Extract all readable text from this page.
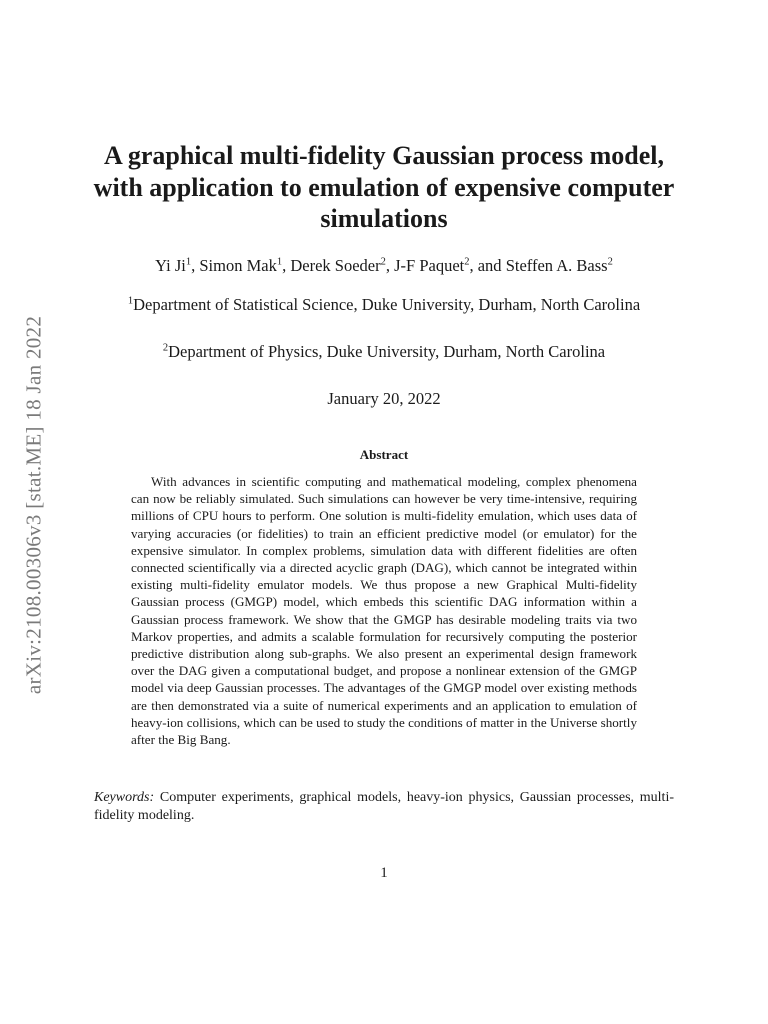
arXiv:2108.00306v3 [stat.ME] 18 Jan 2022
A graphical multi-fidelity Gaussian process model, with application to emulation of expensive computer simulations
Yi Ji$^1$, Simon Mak$^1$, Derek Soeder$^2$, J-F Paquet$^2$, and Steffen A. Bass$^2$
$^1$Department of Statistical Science, Duke University, Durham, North Carolina
$^2$Department of Physics, Duke University, Durham, North Carolina
January 20, 2022
Abstract

With advances in scientific computing and mathematical modeling, complex phenomena can now be reliably simulated. Such simulations can however be very time-intensive, requiring millions of CPU hours to perform. One solution is multi-fidelity emulation, which uses data of varying accuracies (or fidelities) to train an efficient predictive model (or emulator) for the expensive simulator. In complex problems, simulation data with different fidelities are often connected scientifically via a directed acyclic graph (DAG), which cannot be integrated within existing multi-fidelity emulator models. We thus propose a new Graphical Multi-fidelity Gaussian process (GMGP) model, which embeds this scientific DAG information within a Gaussian process framework. We show that the GMGP has desirable modeling traits via two Markov properties, and admits a scalable formulation for recursively computing the posterior predictive distribution along sub-graphs. We also present an experimental design framework over the DAG given a computational budget, and propose a nonlinear extension of the GMGP model via deep Gaussian processes. The advantages of the GMGP model over existing methods are then demonstrated via a suite of numerical experiments and an application to emulation of heavy-ion collisions, which can be used to study the conditions of matter in the Universe shortly after the Big Bang.

Keywords: Computer experiments, graphical models, heavy-ion physics, Gaussian processes, multi-fidelity modeling.

1
